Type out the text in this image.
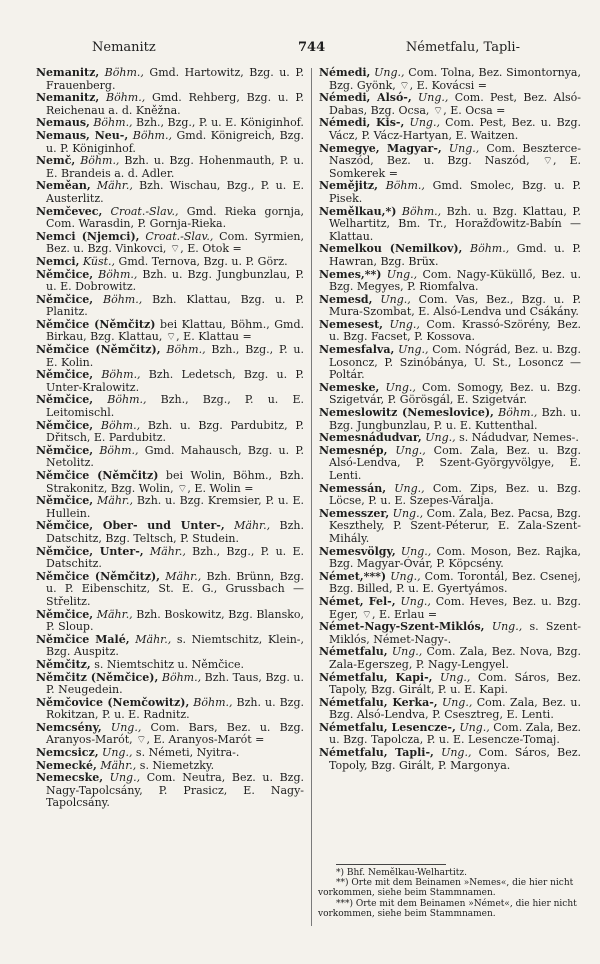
Nemanitz	744	Németfalu, Tapli-
Nemanitz, Böhm., Gmd. Hartowitz, Bzg. u. P. Frauenberg.
Nemanitz, Böhm., Gmd. Rehberg, Bzg. u. P. Reichenau a. d. Kněžna.
Nemaus, Böhm., Bzh., Bzg., P. u. E. Königinhof.
Nemaus, Neu-, Böhm., Gmd. Königreich, Bzg. u. P. Königinhof.
Nemč, Böhm., Bzh. u. Bzg. Hohenmauth, P. u. E. Brandeis a. d. Adler.
Neměan, Mähr., Bzh. Wischau, Bzg., P. u. E. Austerlitz.
Nemčevec, Croat.-Slav., Gmd. Rieka gornja, Com. Warasdin, P. Gornja-Rieka.
Nemci (Njemci), Croat.-Slav., Com. Syrmien, Bez. u. Bzg. Vinkovci, ⌔, E. Otok =
Nemci, Küst., Gmd. Ternova, Bzg. u. P. Görz.
Němčice, Böhm., Bzh. u. Bzg. Jungbunzlau, P. u. E. Dobrowitz.
Němčice, Böhm., Bzh. Klattau, Bzg. u. P. Planitz.
Němčice (Němčitz) bei Klattau, Böhm., Gmd. Birkau, Bzg. Klattau, ⌔, E. Klattau =
Němčice (Němčitz), Böhm., Bzh., Bzg., P. u. E. Kolin.
Němčice, Böhm., Bzh. Ledetsch, Bzg. u. P. Unter-Kralowitz.
Němčice, Böhm., Bzh., Bzg., P. u. E. Leitomischl.
Němčice, Böhm., Bzh. u. Bzg. Pardubitz, P. Dřitsch, E. Pardubitz.
Němčice, Böhm., Gmd. Mahausch, Bzg. u. P. Netolitz.
Němčice (Němčitz) bei Wolin, Böhm., Bzh. Strakonitz, Bzg. Wolin, ⌔, E. Wolin =
Němčice, Mähr., Bzh. u. Bzg. Kremsier, P. u. E. Hullein.
Němčice, Ober- und Unter-, Mähr., Bzh. Datschitz, Bzg. Teltsch, P. Studein.
Němčice, Unter-, Mähr., Bzh., Bzg., P. u. E. Datschitz.
Němčice (Němčitz), Mähr., Bzh. Brünn, Bzg. u. P. Eibenschitz, St. E. G., Grussbach — Střelitz.
Němčice, Mähr., Bzh. Boskowitz, Bzg. Blansko, P. Sloup.
Němčice Malé, Mähr., s. Niemtschitz, Klein-, Bzg. Auspitz.
Němčitz, s. Niemtschitz u. Němčice.
Němčitz (Němčice), Böhm., Bzh. Taus, Bzg. u. P. Neugedein.
Němčovice (Nemčowitz), Böhm., Bzh. u. Bzg. Rokitzan, P. u. E. Radnitz.
Nemcsény, Ung., Com. Bars, Bez. u. Bzg. Aranyos-Marót, ⌔, E. Aranyos-Marót =
Nemcsicz, Ung., s. Németi, Nyitra-.
Nemecké, Mähr., s. Niemetzky.
Nemecske, Ung., Com. Neutra, Bez. u. Bzg. Nagy-Tapolcsány, P. Prasicz, E. Nagy-Tapolcsány.
Némedi, Ung., Com. Tolna, Bez. Simontornya, Bzg. Gyönk, ⌔, E. Kovácsi =
Némedi, Alsó-, Ung., Com. Pest, Bez. Alsó-Dabas, Bzg. Ocsa, ⌔, E. Ocsa =
Némedi, Kis-, Ung., Com. Pest, Bez. u. Bzg. Vácz, P. Vácz-Hartyan, E. Waitzen.
Nemegye, Magyar-, Ung., Com. Beszterce-Naszód, Bez. u. Bzg. Naszód, ⌔, E. Somkerek =
Nemějitz, Böhm., Gmd. Smolec, Bzg. u. P. Pisek.
Nemělkau,*) Böhm., Bzh. u. Bzg. Klattau, P. Welhartitz, Bm. Tr., Horažďowitz-Babín — Klattau.
Nemelkou (Nemilkov), Böhm., Gmd. u. P. Hawran, Bzg. Brüx.
Nemes,**) Ung., Com. Nagy-Küküllő, Bez. u. Bzg. Megyes, P. Riomfalva.
Nemesd, Ung., Com. Vas, Bez., Bzg. u. P. Mura-Szombat, E. Alsó-Lendva und Csákány.
Nemesest, Ung., Com. Krassó-Szörény, Bez. u. Bzg. Facset, P. Kossova.
Nemesfalva, Ung., Com. Nógrád, Bez. u. Bzg. Losoncz, P. Szinóbánya, U. St., Losoncz — Poltár.
Nemeske, Ung., Com. Somogy, Bez. u. Bzg. Szigetvár, P. Görösgál, E. Szigetvár.
Nemeslowitz (Nemeslovice), Böhm., Bzh. u. Bzg. Jungbunzlau, P. u. E. Kuttenthal.
Nemesnádudvar, Ung., s. Nádudvar, Nemes-.
Nemesnép, Ung., Com. Zala, Bez. u. Bzg. Alsó-Lendva, P. Szent-Györgyvölgye, E. Lenti.
Nemessán, Ung., Com. Zips, Bez. u. Bzg. Löcse, P. u. E. Szepes-Váralja.
Nemesszer, Ung., Com. Zala, Bez. Pacsa, Bzg. Keszthely, P. Szent-Péterur, E. Zala-Szent-Mihály.
Nemesvölgy, Ung., Com. Moson, Bez. Rajka, Bzg. Magyar-Óvár, P. Köpcsény.
Német,***) Ung., Com. Torontál, Bez. Csenej, Bzg. Billed, P. u. E. Gyertyámos.
Német, Fel-, Ung., Com. Heves, Bez. u. Bzg. Eger, ⌔, E. Erlau =
Német-Nagy-Szent-Miklós, Ung., s. Szent-Miklós, Német-Nagy-.
Németfalu, Ung., Com. Zala, Bez. Nova, Bzg. Zala-Egerszeg, P. Nagy-Lengyel.
Németfalu, Kapi-, Ung., Com. Sáros, Bez. Tapoly, Bzg. Girált, P. u. E. Kapi.
Németfalu, Kerka-, Ung., Com. Zala, Bez. u. Bzg. Alsó-Lendva, P. Csesztreg, E. Lenti.
Németfalu, Lesencze-, Ung., Com. Zala, Bez. u. Bzg. Tapolcza, P. u. E. Lesencze-Tomaj.
Németfalu, Tapli-, Ung., Com. Sáros, Bez. Topoly, Bzg. Girált, P. Margonya.
*) Bhf. Nemělkau-Welhartitz.
**) Orte mit dem Beinamen »Nemes«, die hier nicht vorkommen, siehe beim Stammnamen.
***) Orte mit dem Beinamen »Német«, die hier nicht vorkommen, siehe beim Stammnamen.
